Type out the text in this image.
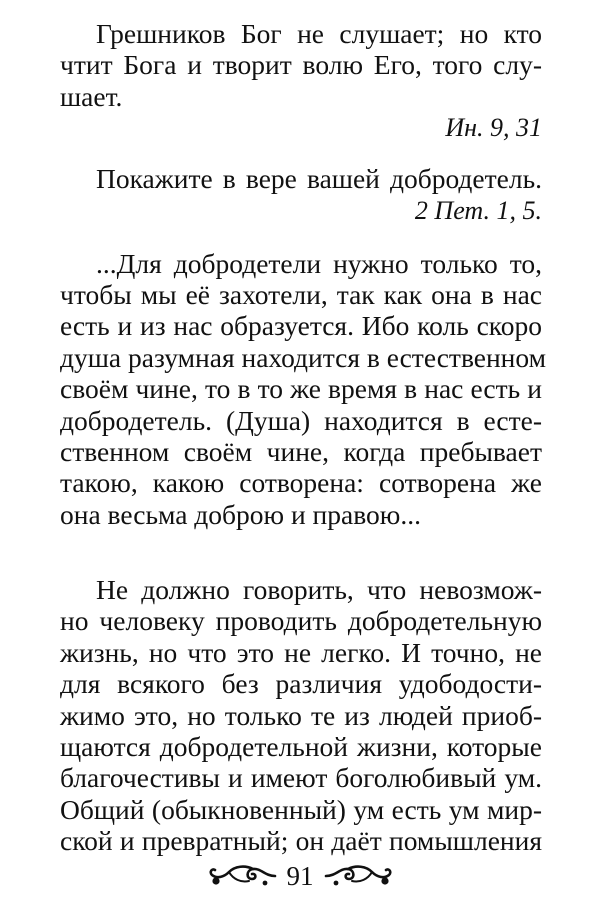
Грешников Бог не слушает; но кто
чтит Бога и творит волю Его, того слу-
шает.
Ин. 9, 31
Покажите в вере вашей добродетель.
2 Пет. 1, 5.
...Для добродетели нужно только то,
чтобы мы её захотели, так как она в нас
есть и из нас образуется. Ибо коль скоро
душа разумная находится в естественном
своём чине, то в то же время в нас есть и
добродетель. (Душа) находится в есте-
ственном своём чине, когда пребывает
такою, какою сотворена: сотворена же
она весьма доброю и правою...
Не должно говорить, что невозмож-
но человеку проводить добродетельную
жизнь, но что это не легко. И точно, не
для всякого без различия удободости-
жимо это, но только те из людей приоб-
щаются добродетельной жизни, которые
благочестивы и имеют боголюбивый ум.
Общий (обыкновенный) ум есть ум мир-
ской и превратный; он даёт помышления
91
